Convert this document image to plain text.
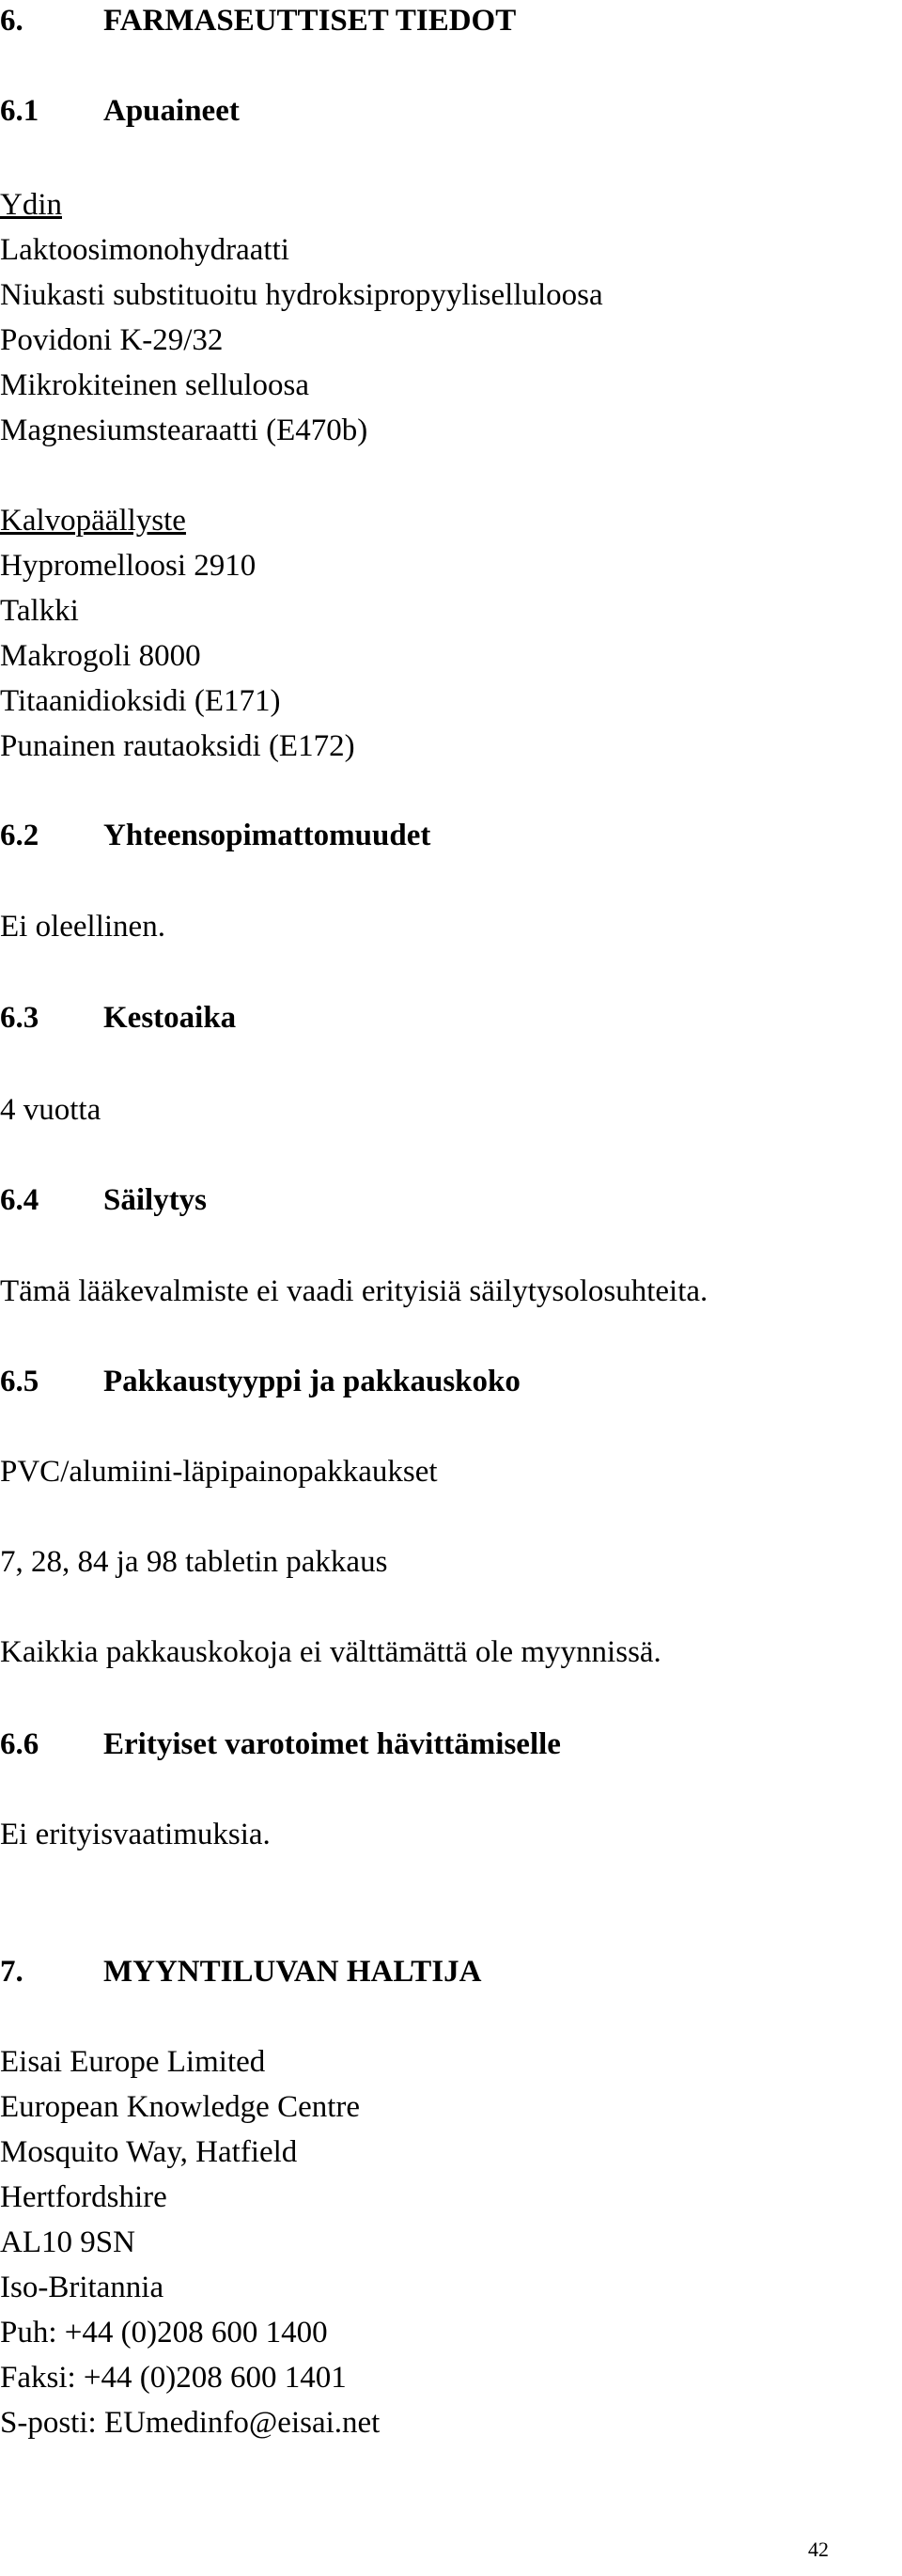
6.	FARMASEUTTISET TIEDOT
6.1 Apuaineet
Ydin
Laktoosimonohydraatti
Niukasti substituoitu hydroksipropyyliselluloosa
Povidoni K-29/32
Mikrokiteinen selluloosa
Magnesiumstearaatti (E470b)
Kalvopäällyste
Hypromelloosi 2910
Talkki
Makrogoli 8000
Titaanidioksidi (E171)
Punainen rautaoksidi (E172)
6.2 Yhteensopimattomuudet
Ei oleellinen.
6.3 Kestoaika
4 vuotta
6.4 Säilytys
Tämä lääkevalmiste ei vaadi erityisiä säilytysolosuhteita.
6.5 Pakkaustyyppi ja pakkauskoko
PVC/alumiini-läpipainopakkaukset
7, 28, 84 ja 98 tabletin pakkaus
Kaikkia pakkauskokoja ei välttämättä ole myynnissä.
6.6 Erityiset varotoimet hävittämiselle
Ei erityisvaatimuksia.
7.	MYYNTILUVAN HALTIJA
Eisai Europe Limited
European Knowledge Centre
Mosquito Way, Hatfield
Hertfordshire
AL10 9SN
Iso-Britannia
Puh: +44 (0)208 600 1400
Faksi: +44 (0)208 600 1401
S-posti: EUmedinfo@eisai.net
42
